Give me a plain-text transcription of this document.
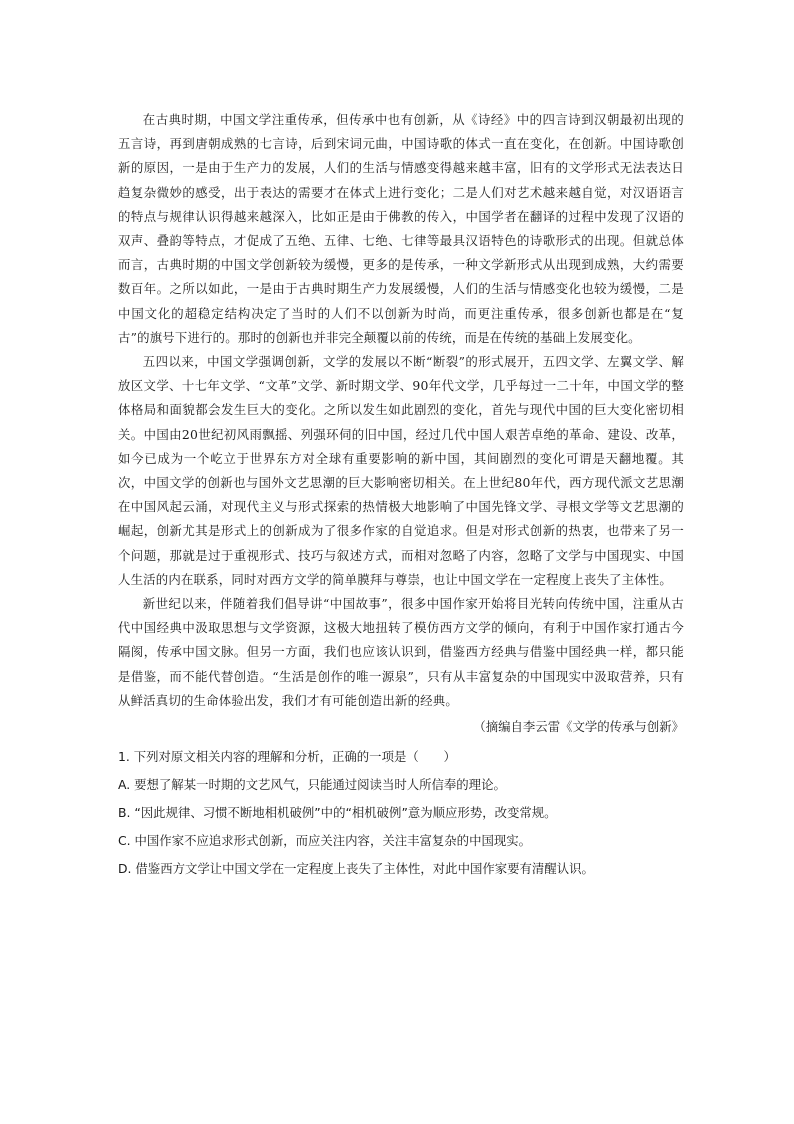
在古典时期，中国文学注重传承，但传承中也有创新，从《诗经》中的四言诗到汉朝最初出现的五言诗，再到唐朝成熟的七言诗，后到宋词元曲，中国诗歌的体式一直在变化，在创新。中国诗歌创新的原因，一是由于生产力的发展，人们的生活与情感变得越来越丰富，旧有的文学形式无法表达日趋复杂微妙的感受，出于表达的需要才在体式上进行变化；二是人们对艺术越来越自觉，对汉语语言的特点与规律认识得越来越深入，比如正是由于佛教的传入，中国学者在翻译的过程中发现了汉语的双声、叠韵等特点，才促成了五绝、五律、七绝、七律等最具汉语特色的诗歌形式的出现。但就总体而言，古典时期的中国文学创新较为缓慢，更多的是传承，一种文学新形式从出现到成熟，大约需要数百年。之所以如此，一是由于古典时期生产力发展缓慢，人们的生活与情感变化也较为缓慢，二是中国文化的超稳定结构决定了当时的人们不以创新为时尚，而更注重传承，很多创新也都是在“复古”的旗号下进行的。那时的创新也并非完全颠覆以前的传统，而是在传统的基础上发展变化。

五四以来，中国文学强调创新，文学的发展以不断“断裂”的形式展开，五四文学、左翼文学、解放区文学、十七年文学、“文革”文学、新时期文学、90年代文学，几乎每过一二十年，中国文学的整体格局和面貌都会发生巨大的变化。之所以发生如此剧烈的变化，首先与现代中国的巨大变化密切相关。中国由20世纪初风雨飘摇、列强环伺的旧中国，经过几代中国人艰苦卓绝的革命、建设、改革，如今已成为一个屹立于世界东方对全球有重要影响的新中国，其间剧烈的变化可谓是天翻地覆。其次，中国文学的创新也与国外文艺思潮的巨大影响密切相关。在上世纪80年代，西方现代派文艺思潮在中国风起云涌，对现代主义与形式探索的热情极大地影响了中国先锋文学、寻根文学等文艺思潮的崛起，创新尤其是形式上的创新成为了很多作家的自觉追求。但是对形式创新的热衷，也带来了另一个问题，那就是过于重视形式、技巧与叙述方式，而相对忽略了内容，忽略了文学与中国现实、中国人生活的内在联系，同时对西方文学的简单膜拜与尊崇，也让中国文学在一定程度上丧失了主体性。

新世纪以来，伴随着我们倡导讲“中国故事”，很多中国作家开始将目光转向传统中国，注重从古代中国经典中汲取思想与文学资源，这极大地扭转了模仿西方文学的倾向，有利于中国作家打通古今隔阂，传承中国文脉。但另一方面，我们也应该认识到，借鉴西方经典与借鉴中国经典一样，都只能是借鉴，而不能代替创造。“生活是创作的唯一源泉”，只有从丰富复杂的中国现实中汲取营养，只有从鲜活真切的生命体验出发，我们才有可能创造出新的经典。

（摘编自李云雷《文学的传承与创新》

1. 下列对原文相关内容的理解和分析，正确的一项是（　　）

A. 要想了解某一时期的文艺风气，只能通过阅读当时人所信奉的理论。

B. “因此规律、习惯不断地相机破例”中的“相机破例”意为顺应形势，改变常规。

C. 中国作家不应追求形式创新，而应关注内容，关注丰富复杂的中国现实。

D. 借鉴西方文学让中国文学在一定程度上丧失了主体性，对此中国作家要有清醒认识。
